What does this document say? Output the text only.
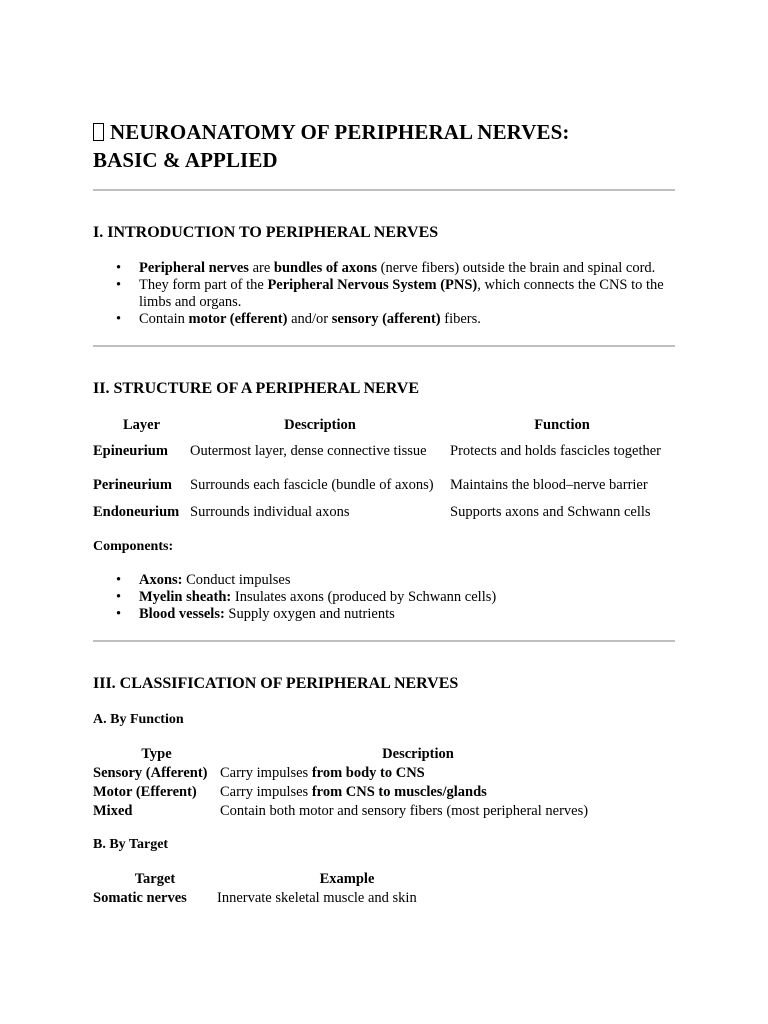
NEUROANATOMY OF PERIPHERAL NERVES:
BASIC & APPLIED
I. INTRODUCTION TO PERIPHERAL NERVES
• Peripheral nerves are bundles of axons (nerve fibers) outside the brain and spinal cord.
• They form part of the Peripheral Nervous System (PNS), which connects the CNS to the limbs and organs.
• Contain motor (efferent) and/or sensory (afferent) fibers.
II. STRUCTURE OF A PERIPHERAL NERVE
Layer	Description	Function
Epineurium	Outermost layer, dense connective tissue	Protects and holds fascicles together
Perineurium	Surrounds each fascicle (bundle of axons)	Maintains the blood–nerve barrier
Endoneurium	Surrounds individual axons	Supports axons and Schwann cells
Components:
• Axons: Conduct impulses
• Myelin sheath: Insulates axons (produced by Schwann cells)
• Blood vessels: Supply oxygen and nutrients
III. CLASSIFICATION OF PERIPHERAL NERVES
A. By Function
Type	Description
Sensory (Afferent)	Carry impulses from body to CNS
Motor (Efferent)	Carry impulses from CNS to muscles/glands
Mixed	Contain both motor and sensory fibers (most peripheral nerves)
B. By Target
Target	Example
Somatic nerves	Innervate skeletal muscle and skin
